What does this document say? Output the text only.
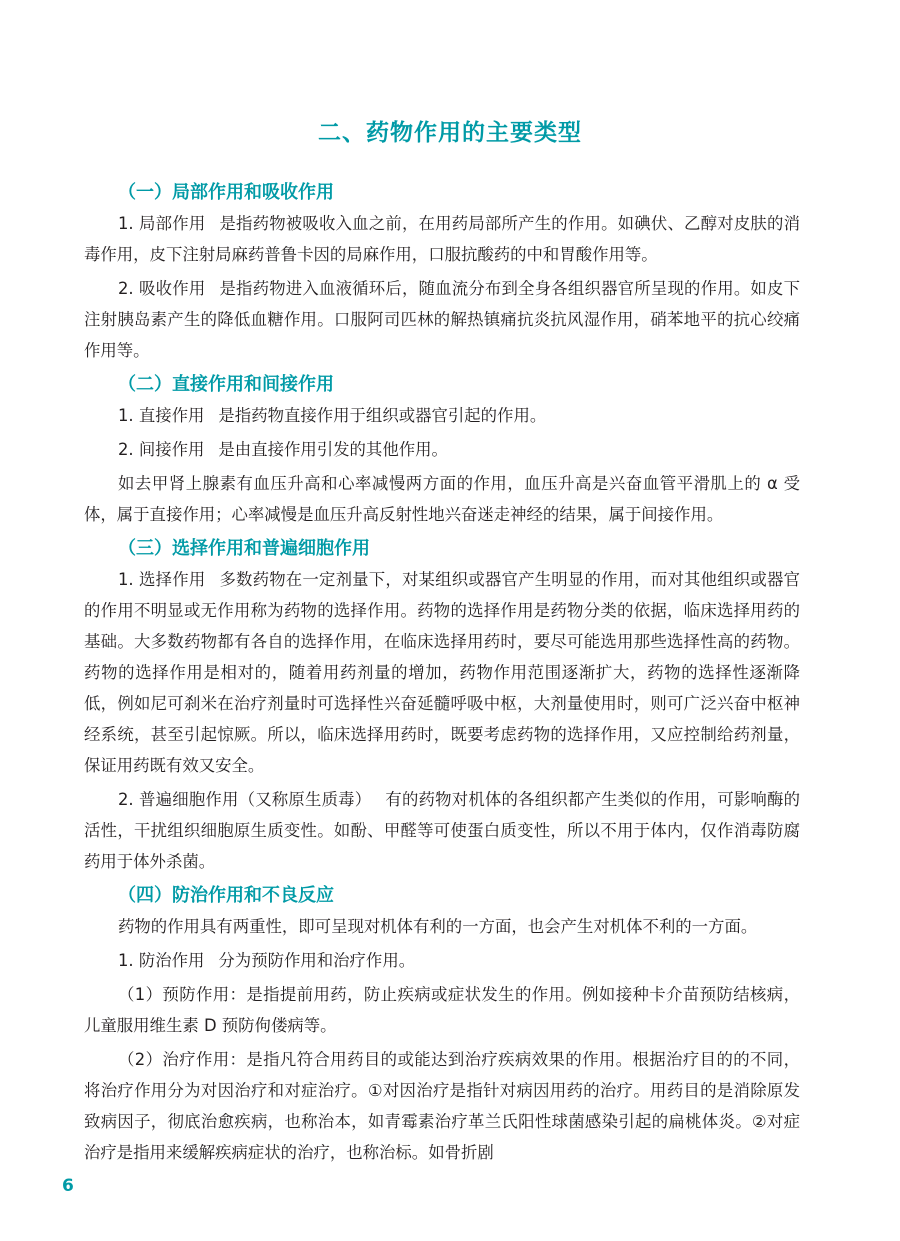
二、药物作用的主要类型
（一）局部作用和吸收作用

1. 局部作用 是指药物被吸收入血之前，在用药局部所产生的作用。如碘伏、乙醇对皮肤的消毒作用，皮下注射局麻药普鲁卡因的局麻作用，口服抗酸药的中和胃酸作用等。

2. 吸收作用 是指药物进入血液循环后，随血流分布到全身各组织器官所呈现的作用。如皮下注射胰岛素产生的降低血糖作用。口服阿司匹林的解热镇痛抗炎抗风湿作用，硝苯地平的抗心绞痛作用等。

（二）直接作用和间接作用

1. 直接作用 是指药物直接作用于组织或器官引起的作用。

2. 间接作用 是由直接作用引发的其他作用。

如去甲肾上腺素有血压升高和心率减慢两方面的作用，血压升高是兴奋血管平滑肌上的 α 受体，属于直接作用；心率减慢是血压升高反射性地兴奋迷走神经的结果，属于间接作用。

（三）选择作用和普遍细胞作用

1. 选择作用 多数药物在一定剂量下，对某组织或器官产生明显的作用，而对其他组织或器官的作用不明显或无作用称为药物的选择作用。药物的选择作用是药物分类的依据，临床选择用药的基础。大多数药物都有各自的选择作用，在临床选择用药时，要尽可能选用那些选择性高的药物。药物的选择作用是相对的，随着用药剂量的增加，药物作用范围逐渐扩大，药物的选择性逐渐降低，例如尼可刹米在治疗剂量时可选择性兴奋延髓呼吸中枢，大剂量使用时，则可广泛兴奋中枢神经系统，甚至引起惊厥。所以，临床选择用药时，既要考虑药物的选择作用，又应控制给药剂量，保证用药既有效又安全。

2. 普遍细胞作用（又称原生质毒） 有的药物对机体的各组织都产生类似的作用，可影响酶的活性，干扰组织细胞原生质变性。如酚、甲醛等可使蛋白质变性，所以不用于体内，仅作消毒防腐药用于体外杀菌。

（四）防治作用和不良反应

药物的作用具有两重性，即可呈现对机体有利的一方面，也会产生对机体不利的一方面。

1. 防治作用 分为预防作用和治疗作用。

（1）预防作用：是指提前用药，防止疾病或症状发生的作用。例如接种卡介苗预防结核病，儿童服用维生素 D 预防佝偻病等。

（2）治疗作用：是指凡符合用药目的或能达到治疗疾病效果的作用。根据治疗目的的不同，将治疗作用分为对因治疗和对症治疗。①对因治疗是指针对病因用药的治疗。用药目的是消除原发致病因子，彻底治愈疾病，也称治本，如青霉素治疗革兰氏阳性球菌感染引起的扁桃体炎。②对症治疗是指用来缓解疾病症状的治疗，也称治标。如骨折剧

6
